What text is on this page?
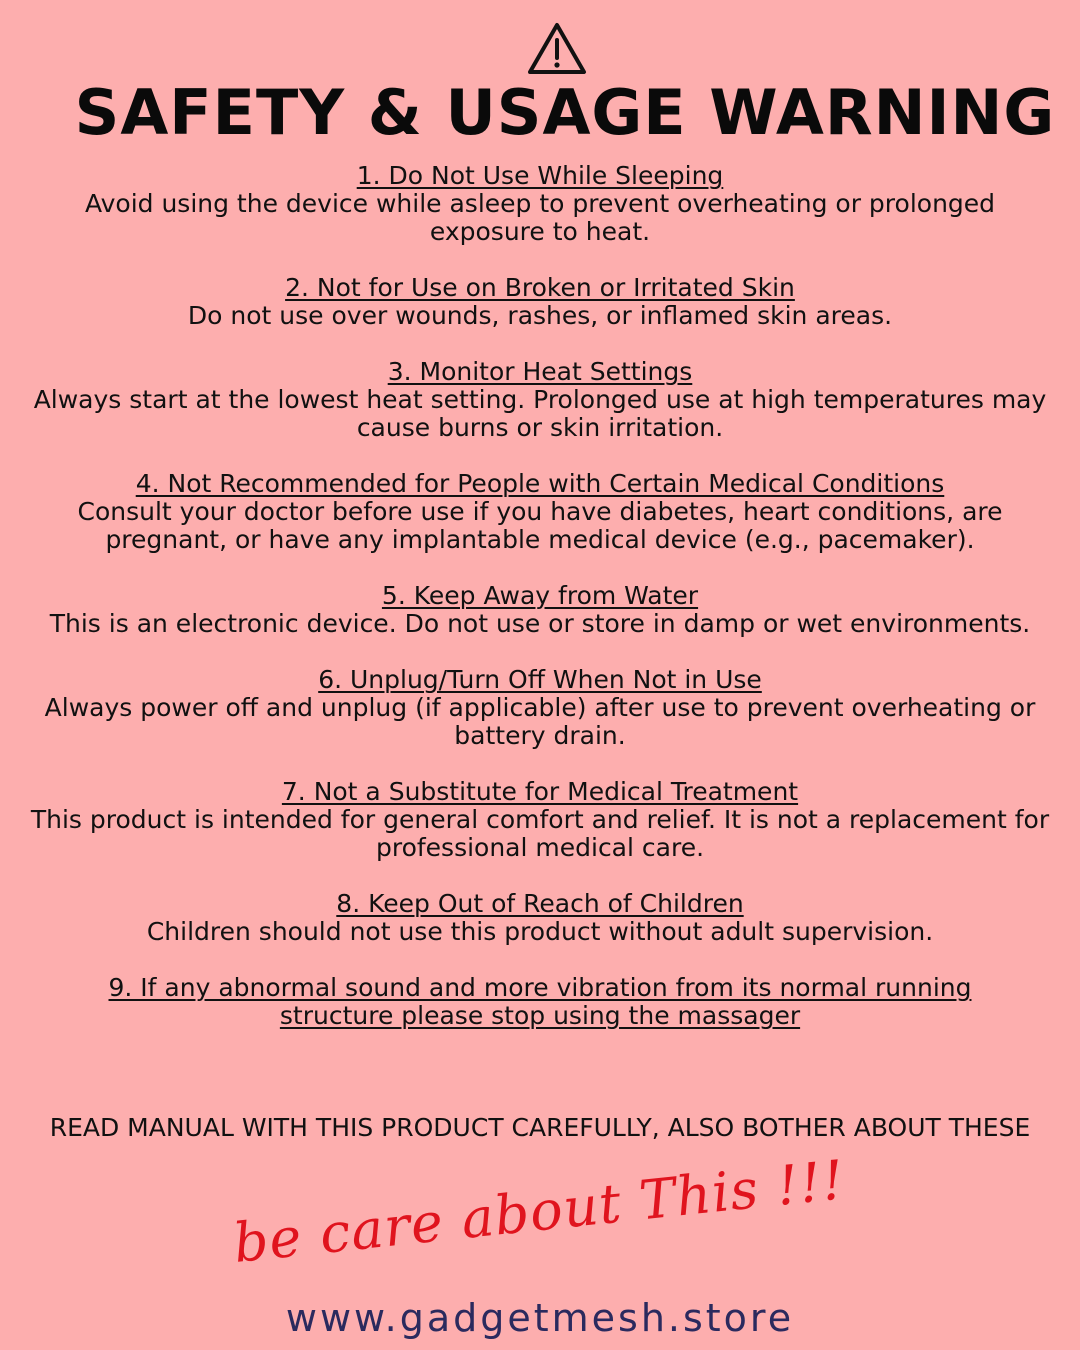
SAFETY & USAGE WARNING
1. Do Not Use While Sleeping
Avoid using the device while asleep to prevent overheating or prolonged exposure to heat.
2. Not for Use on Broken or Irritated Skin
Do not use over wounds, rashes, or inflamed skin areas.
3. Monitor Heat Settings
Always start at the lowest heat setting. Prolonged use at high temperatures may cause burns or skin irritation.
4. Not Recommended for People with Certain Medical Conditions
Consult your doctor before use if you have diabetes, heart conditions, are pregnant, or have any implantable medical device (e.g., pacemaker).
5. Keep Away from Water
This is an electronic device. Do not use or store in damp or wet environments.
6. Unplug/Turn Off When Not in Use
Always power off and unplug (if applicable) after use to prevent overheating or battery drain.
7. Not a Substitute for Medical Treatment
This product is intended for general comfort and relief. It is not a replacement for professional medical care.
8. Keep Out of Reach of Children
Children should not use this product without adult supervision.
9. If any abnormal sound and more vibration from its normal running structure please stop using the massager
READ MANUAL WITH THIS PRODUCT CAREFULLY, ALSO BOTHER ABOUT THESE
be care about This !!!
www.gadgetmesh.store
